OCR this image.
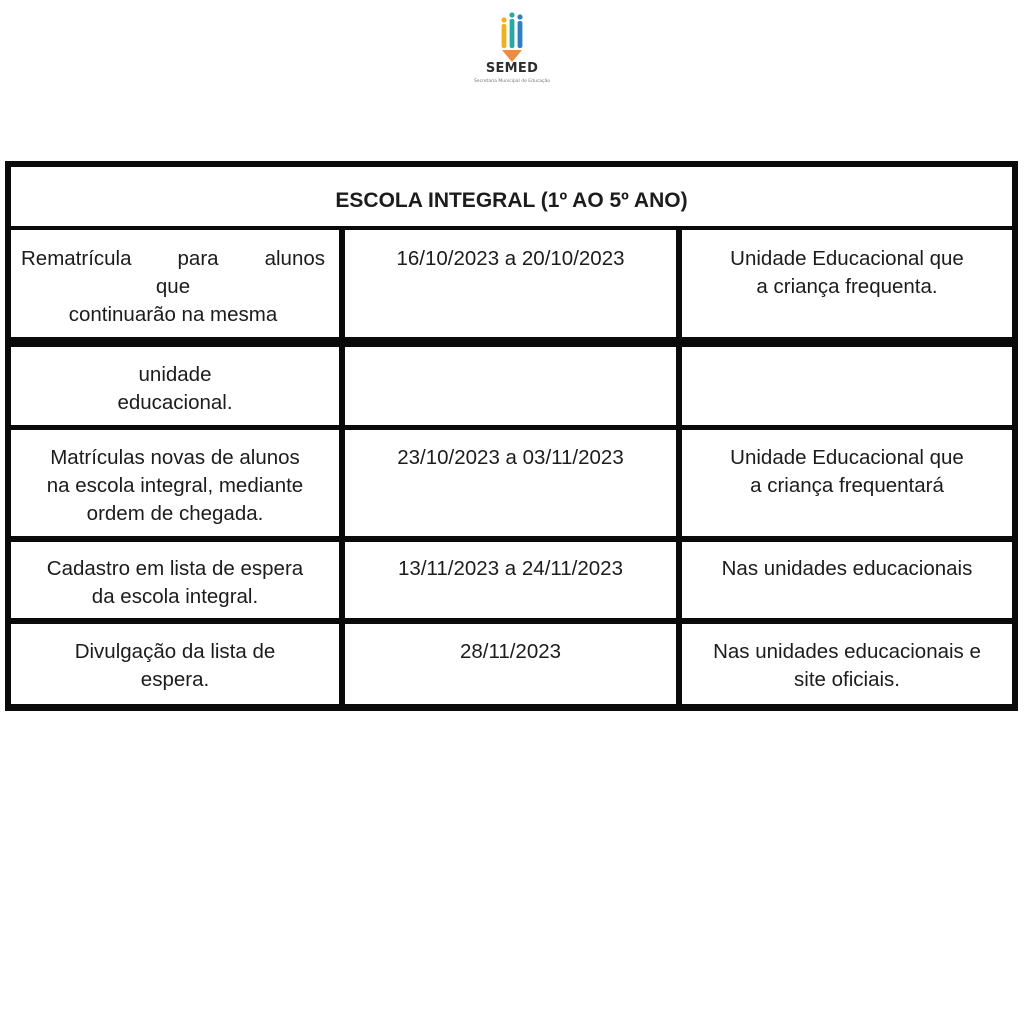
SEMED
Secretaria Municipal de Educação
ESCOLA INTEGRAL (1º AO 5º ANO)
Rematrícula para alunos
que
continuarão na mesma
16/10/2023 a 20/10/2023	Unidade Educacional que
a criança frequenta.
unidade
educacional.
Matrículas novas de alunos
na escola integral, mediante
ordem de chegada.
23/10/2023 a 03/11/2023	Unidade Educacional que
a criança frequentará
Cadastro em lista de espera
da escola integral.
13/11/2023 a 24/11/2023	Nas unidades educacionais
Divulgação da lista de
espera.
28/11/2023	Nas unidades educacionais e
site oficiais.
